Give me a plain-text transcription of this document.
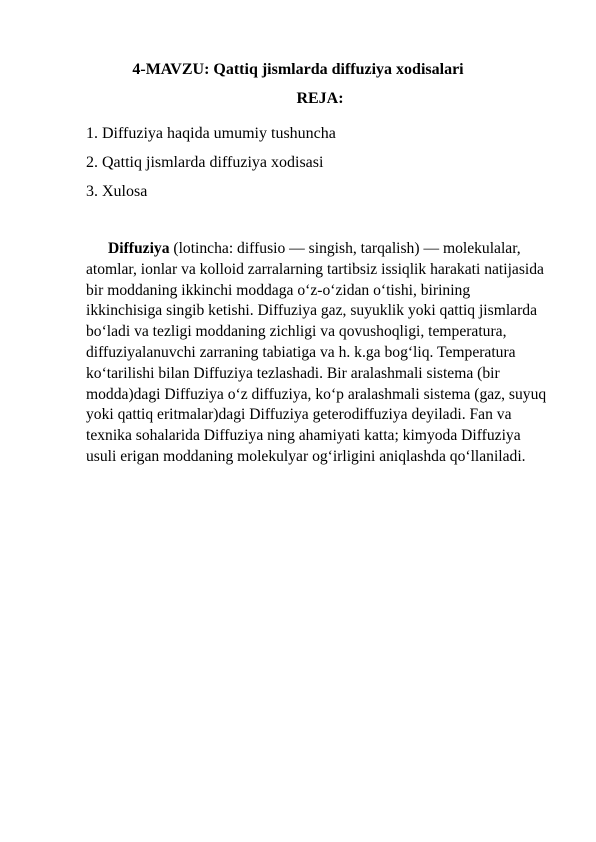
4-MAVZU: Qattiq jismlarda diffuziya xodisalari
REJA:
1. Diffuziya haqida umumiy tushuncha
2. Qattiq jismlarda diffuziya xodisasi
3. Xulosa

Diffuziya (lotincha: diffusio — singish, tarqalish) — molekulalar, atomlar, ionlar va kolloid zarralarning tartibsiz issiqlik harakati natijasida bir moddaning ikkinchi moddaga oʻz-oʻzidan oʻtishi, birining ikkinchisiga singib ketishi. Diffuziya gaz, suyuklik yoki qattiq jismlarda boʻladi va tezligi moddaning zichligi va qovushoqligi, temperatura, diffuziyalanuvchi zarraning tabiatiga va h. k.ga bogʻliq. Temperatura koʻtarilishi bilan Diffuziya tezlashadi. Bir aralashmali sistema (bir modda)dagi Diffuziya oʻz diffuziya, koʻp aralashmali sistema (gaz, suyuq yoki qattiq eritmalar)dagi Diffuziya geterodiffuziya deyiladi. Fan va texnika sohalarida Diffuziya ning ahamiyati katta; kimyoda Diffuziya usuli erigan moddaning molekulyar ogʻirligini aniqlashda qoʻllaniladi.
